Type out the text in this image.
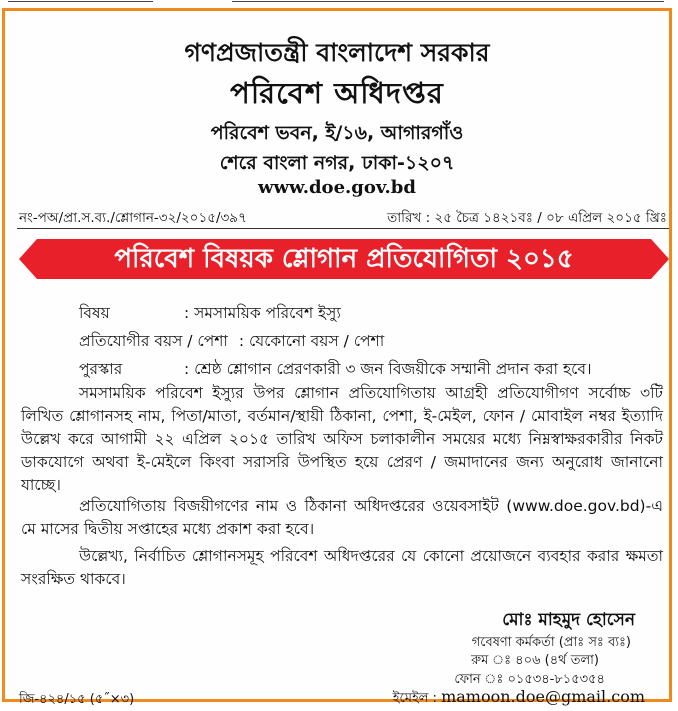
গণপ্রজাতন্ত্রী বাংলাদেশ সরকার
পরিবেশ অধিদপ্তর
পরিবেশ ভবন, ই/১৬, আগারগাঁও
শেরে বাংলা নগর, ঢাকা-১২০৭
www.doe.gov.bd
নং-পঅ/প্রা.স.ব্য./শ্লোগান-৩২/২০১৫/৩৯৭	তারিখ : ২৫ চৈত্র ১৪২১বঃ / ০৮ এপ্রিল ২০১৫ খ্রিঃ
পরিবেশ বিষয়ক শ্লোগান প্রতিযোগিতা ২০১৫
বিষয়	: সমসাময়িক পরিবেশ ইস্যু
প্রতিযোগীর বয়স / পেশা : যেকোনো বয়স / পেশা
পুরস্কার	: শ্রেষ্ঠ শ্লোগান প্রেরণকারী ৩ জন বিজয়ীকে সম্মানী প্রদান করা হবে।
সমসাময়িক পরিবেশ ইস্যুর উপর শ্লোগান প্রতিযোগিতায় আগ্রহী প্রতিযোগীগণ সর্বোচ্চ ৩টি লিখিত শ্লোগানসহ নাম, পিতা/মাতা, বর্তমান/স্থায়ী ঠিকানা, পেশা, ই-মেইল, ফোন / মোবাইল নম্বর ইত্যাদি উল্লেখ করে আগামী ২২ এপ্রিল ২০১৫ তারিখ অফিস চলাকালীন সময়ের মধ্যে নিম্নস্বাক্ষরকারীর নিকট ডাকযোগে অথবা ই-মেইলে কিংবা সরাসরি উপস্থিত হয়ে প্রেরণ / জমাদানের জন্য অনুরোধ জানানো যাচ্ছে।
প্রতিযোগিতায় বিজয়ীগণের নাম ও ঠিকানা অধিদপ্তরের ওয়েবসাইট (www.doe.gov.bd)-এ মে মাসের দ্বিতীয় সপ্তাহের মধ্যে প্রকাশ করা হবে।
উল্লেখ্য, নির্বাচিত শ্লোগানসমূহ পরিবেশ অধিদপ্তরের যে কোনো প্রয়োজনে ব্যবহার করার ক্ষমতা সংরক্ষিত থাকবে।
মোঃ মাহমুদ হোসেন
গবেষণা কর্মকর্তা (প্রাঃ সঃ ব্যঃ)
রুম ঃ ৪০৬ (৪র্থ তলা)
ফোন ঃ ০১৫৩৪-৮১৫৩৫৪
ইমেইল : mamoon.doe@gmail.com
জি-৪২৪/১৫ (৫˝×৩)
